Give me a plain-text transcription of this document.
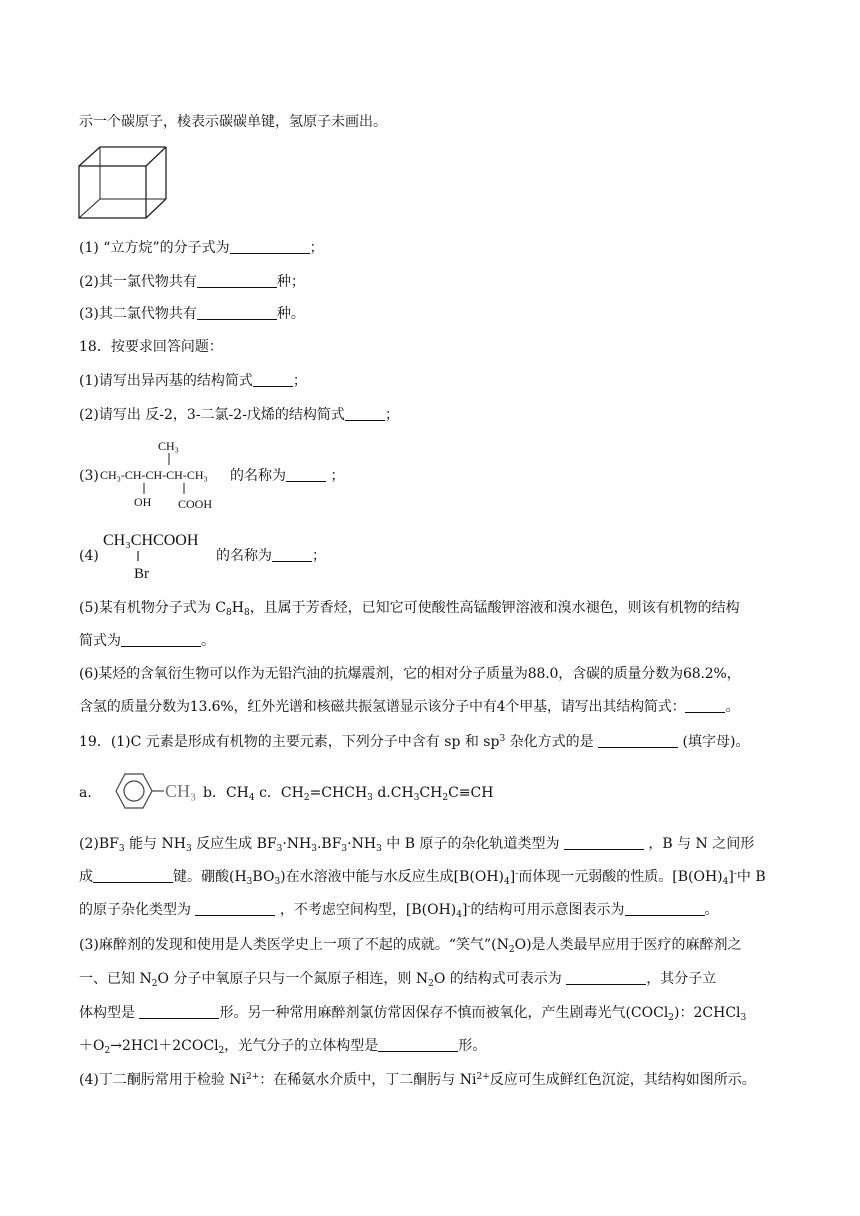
示一个碳原子，棱表示碳碳单键，氢原子未画出。
(1) “立方烷”的分子式为	；
(2)其一氯代物共有	种；
(3)其二氯代物共有	种。
18．按要求回答问题：
(1)请写出异丙基的结构简式	；
(2)请写出 反-2，3-二氯-2-戊烯的结构简式	；
(3)
CH₃
CH₃-CH-CH-CH-CH₃
OH COOH
的名称为	；
(4)
CH₃CHCOOH
Br
的名称为	；
(5)某有机物分子式为 $C_8H_8$，且属于芳香烃，已知它可使酸性高锰酸钾溶液和溴水褪色，则该有机物的结构
简式为	。
(6)某烃的含氧衍生物可以作为无铅汽油的抗爆震剂，它的相对分子质量为88.0，含碳的质量分数为68.2%，
含氢的质量分数为13.6%，红外光谱和核磁共振氢谱显示该分子中有4个甲基，请写出其结构简式：	。
19．(1)C 元素是形成有机物的主要元素，下列分子中含有 sp 和 $sp^3$ 杂化方式的是	(填字母)。
a.	CH₃ b．$CH_4$ c．$CH_2=CHCH_3$ $d.CH_3CH_2C\equiv CH$
$(2)BF_3$ 能与 $NH_3$ 反应生成 $BF_3\cdot NH_3.BF_3\cdot NH_3$ 中 B 原子的杂化轨道类型为	，B 与 N 之间形
成	键。硼酸$(H_3BO_3)$在水溶液中能与水反应生成$[B(OH)_4]^-$而体现一元弱酸的性质。$[B(OH)_4]^-$中 B
的原子杂化类型为	，不考虑空间构型，$[B(OH)_4]^-$的结构可用示意图表示为	。
(3)麻醉剂的发现和使用是人类医学史上一项了不起的成就。“笑气$”(N_2O)$是人类最早应用于医疗的麻醉剂之
一、已知 $N_2O$ 分子中氧原子只与一个氮原子相连，则 $N_2O$ 的结构式可表示为	，其分子立
体构型是	形。另一种常用麻醉剂氯仿常因保存不慎而被氧化，产生剧毒光气(COCl$_2$)：2CHCl$_3$
$+O_2\to 2HCl+2COCl_2$，光气分子的立体构型是	形。
(4)丁二酮肟常用于检验 $Ni^{2+}$：在稀氨水介质中，丁二酮肟与 $Ni^{2+}$反应可生成鲜红色沉淀，其结构如图所示。
